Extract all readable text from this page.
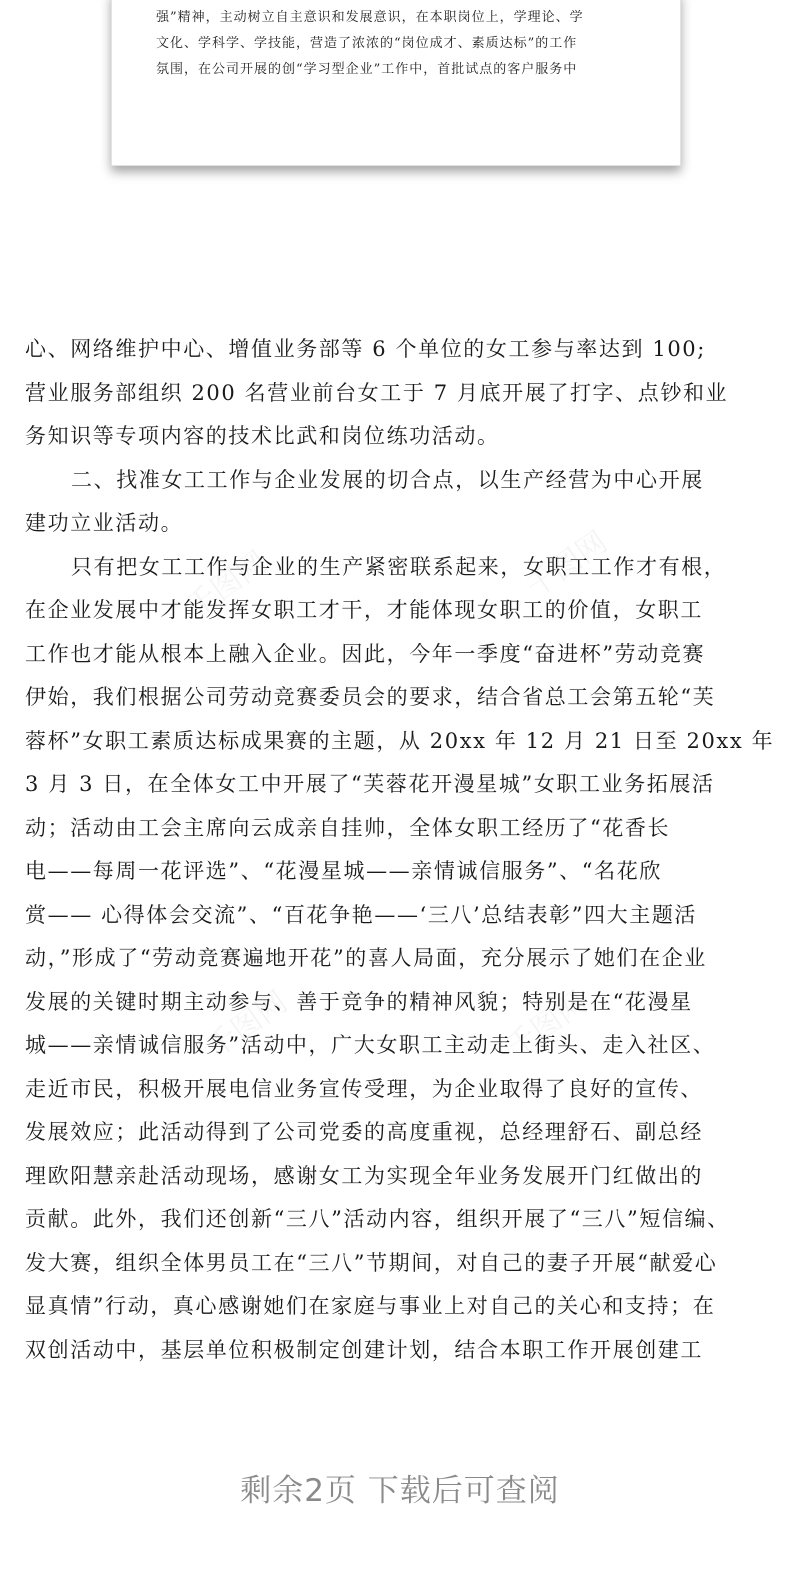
强”精神，主动树立自主意识和发展意识，在本职岗位上，学理论、学
文化、学科学、学技能，营造了浓浓的“岗位成才、素质达标”的工作
氛围，在公司开展的创“学习型企业”工作中，首批试点的客户服务中
心、网络维护中心、增值业务部等 6 个单位的女工参与率达到 100;
营业服务部组织 200 名营业前台女工于 7 月底开展了打字、点钞和业
务知识等专项内容的技术比武和岗位练功活动。
二、找准女工工作与企业发展的切合点，以生产经营为中心开展
建功立业活动。
只有把女工工作与企业的生产紧密联系起来，女职工工作才有根，
在企业发展中才能发挥女职工才干，才能体现女职工的价值，女职工
工作也才能从根本上融入企业。因此，今年一季度“奋进杯”劳动竞赛
伊始，我们根据公司劳动竞赛委员会的要求，结合省总工会第五轮“芙
蓉杯”女职工素质达标成果赛的主题，从 20xx 年 12 月 21 日至 20xx 年
3 月 3 日，在全体女工中开展了“芙蓉花开漫星城”女职工业务拓展活
动；活动由工会主席向云成亲自挂帅，全体女职工经历了“花香长
电——每周一花评选”、“花漫星城——亲情诚信服务”、“名花欣
赏—— 心得体会交流”、“百花争艳——‘三八’总结表彰”四大主题活
动，”形成了“劳动竞赛遍地开花”的喜人局面，充分展示了她们在企业
发展的关键时期主动参与、善于竞争的精神风貌；特别是在“花漫星
城——亲情诚信服务”活动中，广大女职工主动走上街头、走入社区、
走近市民，积极开展电信业务宣传受理，为企业取得了良好的宣传、
发展效应；此活动得到了公司党委的高度重视，总经理舒石、副总经
理欧阳慧亲赴活动现场，感谢女工为实现全年业务发展开门红做出的
贡献。此外，我们还创新“三八”活动内容，组织开展了“三八”短信编、
发大赛，组织全体男员工在“三八”节期间，对自己的妻子开展“献爱心
显真情”行动，真心感谢她们在家庭与事业上对自己的关心和支持；在
双创活动中，基层单位积极制定创建计划，结合本职工作开展创建工
剩余2页 下载后可查阅
